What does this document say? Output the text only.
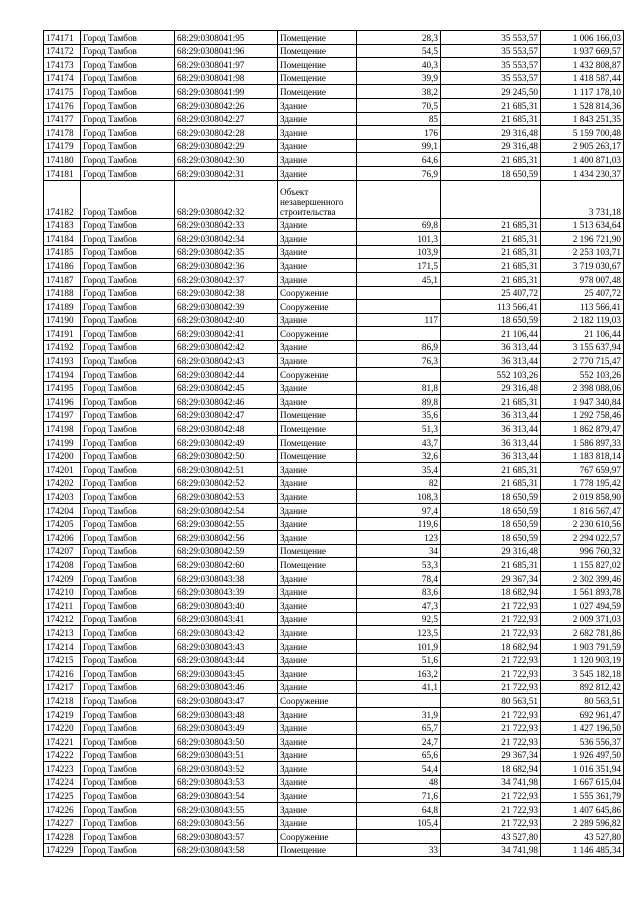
174171	Город Тамбов	68:29:0308041:95	Помещение	28,3	35 553,57	1 006 166,03
174172	Город Тамбов	68:29:0308041:96	Помещение	54,5	35 553,57	1 937 669,57
174173	Город Тамбов	68:29:0308041:97	Помещение	40,3	35 553,57	1 432 808,87
174174	Город Тамбов	68:29:0308041:98	Помещение	39,9	35 553,57	1 418 587,44
174175	Город Тамбов	68:29:0308041:99	Помещение	38,2	29 245,50	1 117 178,10
174176	Город Тамбов	68:29:0308042:26	Здание	70,5	21 685,31	1 528 814,36
174177	Город Тамбов	68:29:0308042:27	Здание	85	21 685,31	1 843 251,35
174178	Город Тамбов	68:29:0308042:28	Здание	176	29 316,48	5 159 700,48
174179	Город Тамбов	68:29:0308042:29	Здание	99,1	29 316,48	2 905 263,17
174180	Город Тамбов	68:29:0308042:30	Здание	64,6	21 685,31	1 400 871,03
174181	Город Тамбов	68:29:0308042:31	Здание	76,9	18 650,59	1 434 230,37
174182	Город Тамбов	68:29:0308042:32	Объект незавершенного строительства			3 731,18
174183	Город Тамбов	68:29:0308042:33	Здание	69,8	21 685,31	1 513 634,64
174184	Город Тамбов	68:29:0308042:34	Здание	101,3	21 685,31	2 196 721,90
174185	Город Тамбов	68:29:0308042:35	Здание	103,9	21 685,31	2 253 103,71
174186	Город Тамбов	68:29:0308042:36	Здание	171,5	21 685,31	3 719 030,67
174187	Город Тамбов	68:29:0308042:37	Здание	45,1	21 685,31	978 007,48
174188	Город Тамбов	68:29:0308042:38	Сооружение		25 407,72	25 407,72
174189	Город Тамбов	68:29:0308042:39	Сооружение		113 566,41	113 566,41
174190	Город Тамбов	68:29:0308042:40	Здание	117	18 650,59	2 182 119,03
174191	Город Тамбов	68:29:0308042:41	Сооружение		21 106,44	21 106,44
174192	Город Тамбов	68:29:0308042:42	Здание	86,9	36 313,44	3 155 637,94
174193	Город Тамбов	68:29:0308042:43	Здание	76,3	36 313,44	2 770 715,47
174194	Город Тамбов	68:29:0308042:44	Сооружение		552 103,26	552 103,26
174195	Город Тамбов	68:29:0308042:45	Здание	81,8	29 316,48	2 398 088,06
174196	Город Тамбов	68:29:0308042:46	Здание	89,8	21 685,31	1 947 340,84
174197	Город Тамбов	68:29:0308042:47	Помещение	35,6	36 313,44	1 292 758,46
174198	Город Тамбов	68:29:0308042:48	Помещение	51,3	36 313,44	1 862 879,47
174199	Город Тамбов	68:29:0308042:49	Помещение	43,7	36 313,44	1 586 897,33
174200	Город Тамбов	68:29:0308042:50	Помещение	32,6	36 313,44	1 183 818,14
174201	Город Тамбов	68:29:0308042:51	Здание	35,4	21 685,31	767 659,97
174202	Город Тамбов	68:29:0308042:52	Здание	82	21 685,31	1 778 195,42
174203	Город Тамбов	68:29:0308042:53	Здание	108,3	18 650,59	2 019 858,90
174204	Город Тамбов	68:29:0308042:54	Здание	97,4	18 650,59	1 816 567,47
174205	Город Тамбов	68:29:0308042:55	Здание	119,6	18 650,59	2 230 610,56
174206	Город Тамбов	68:29:0308042:56	Здание	123	18 650,59	2 294 022,57
174207	Город Тамбов	68:29:0308042:59	Помещение	34	29 316,48	996 760,32
174208	Город Тамбов	68:29:0308042:60	Помещение	53,3	21 685,31	1 155 827,02
174209	Город Тамбов	68:29:0308043:38	Здание	78,4	29 367,34	2 302 399,46
174210	Город Тамбов	68:29:0308043:39	Здание	83,6	18 682,94	1 561 893,78
174211	Город Тамбов	68:29:0308043:40	Здание	47,3	21 722,93	1 027 494,59
174212	Город Тамбов	68:29:0308043:41	Здание	92,5	21 722,93	2 009 371,03
174213	Город Тамбов	68:29:0308043:42	Здание	123,5	21 722,93	2 682 781,86
174214	Город Тамбов	68:29:0308043:43	Здание	101,9	18 682,94	1 903 791,59
174215	Город Тамбов	68:29:0308043:44	Здание	51,6	21 722,93	1 120 903,19
174216	Город Тамбов	68:29:0308043:45	Здание	163,2	21 722,93	3 545 182,18
174217	Город Тамбов	68:29:0308043:46	Здание	41,1	21 722,93	892 812,42
174218	Город Тамбов	68:29:0308043:47	Сооружение		80 563,51	80 563,51
174219	Город Тамбов	68:29:0308043:48	Здание	31,9	21 722,93	692 961,47
174220	Город Тамбов	68:29:0308043:49	Здание	65,7	21 722,93	1 427 196,50
174221	Город Тамбов	68:29:0308043:50	Здание	24,7	21 722,93	536 556,37
174222	Город Тамбов	68:29:0308043:51	Здание	65,6	29 367,34	1 926 497,50
174223	Город Тамбов	68:29:0308043:52	Здание	54,4	18 682,94	1 016 351,94
174224	Город Тамбов	68:29:0308043:53	Здание	48	34 741,98	1 667 615,04
174225	Город Тамбов	68:29:0308043:54	Здание	71,6	21 722,93	1 555 361,79
174226	Город Тамбов	68:29:0308043:55	Здание	64,8	21 722,93	1 407 645,86
174227	Город Тамбов	68:29:0308043:56	Здание	105,4	21 722,93	2 289 596,82
174228	Город Тамбов	68:29:0308043:57	Сооружение		43 527,80	43 527,80
174229	Город Тамбов	68:29:0308043:58	Помещение	33	34 741,98	1 146 485,34
